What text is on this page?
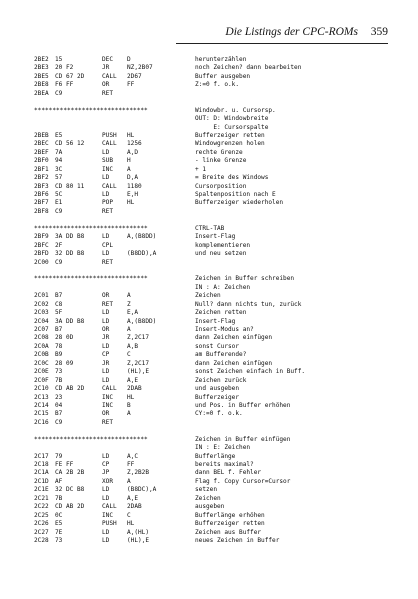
Die Listings der CPC-ROMs 359
2BE2 15	DEC D	herunterzählen
2BE3 20 F2	JR	NZ,2B07	noch Zeichen? dann bearbeiten
2BE5 CD 67 2D	CALL 2D67	Buffer ausgeben
2BE8 F6 FF	OR	FF	Z:=0 f. o.k.
2BEA C9	RET
*******************************	Windowbr. u. Cursorsp.
OUT: D: Windowbreite
E: Cursorspalte
2BEB E5	PUSH HL	Bufferzeiger retten
2BEC CD 56 12	CALL 1256	Windowgrenzen holen
2BEF 7A	LD	A,D	rechte Grenze
2BF0 94	SUB H	- linke Grenze
2BF1 3C	INC A	+ 1
2BF2 57	LD	D,A	= Breite des Windows
2BF3 CD 80 11	CALL 1180	Cursorposition
2BF6 5C	LD	E,H	Spaltenposition nach E
2BF7 E1	POP HL	Bufferzeiger wiederholen
2BF8 C9	RET
*******************************	CTRL-TAB
2BF9 3A DD B8	LD	A,(B8DD)	Insert-Flag
2BFC 2F	CPL	komplementieren
2BFD 32 DD B8	LD	(B8DD),A	und neu setzen
2C00 C9	RET
*******************************	Zeichen in Buffer schreiben
IN : A: Zeichen
2C01 B7	OR	A	Zeichen
2C02 C8	RET Z	Null? dann nichts tun, zurück
2C03 5F	LD	E,A	Zeichen retten
2C04 3A DD B8	LD	A,(B8DD)	Insert-Flag
2C07 B7	OR	A	Insert-Modus an?
2C08 28 0D	JR	Z,2C17	dann Zeichen einfügen
2C0A 78	LD	A,B	sonst Cursor
2C0B B9	CP	C	am Bufferende?
2C0C 28 09	JR	Z,2C17	dann Zeichen einfügen
2C0E 73	LD	(HL),E	sonst Zeichen einfach in Buff.
2C0F 7B	LD	A,E	Zeichen zurück
2C10 CD AB 2D	CALL 2DAB	und ausgeben
2C13 23	INC HL	Bufferzeiger
2C14 04	INC B	und Pos. in Buffer erhöhen
2C15 B7	OR	A	CY:=0 f. o.k.
2C16 C9	RET
*******************************	Zeichen in Buffer einfügen
IN : E: Zeichen
2C17 79	LD	A,C	Bufferlänge
2C18 FE FF	CP	FF	bereits maximal?
2C1A CA 2B 2B	JP	Z,2B2B	dann BEL f. Fehler
2C1D AF	XOR A	Flag f. Copy Cursor=Cursor
2C1E 32 DC B8	LD	(B8DC),A	setzen
2C21 7B	LD	A,E	Zeichen
2C22 CD AB 2D	CALL 2DAB	ausgeben
2C25 0C	INC C	Bufferlänge erhöhen
2C26 E5	PUSH HL	Bufferzeiger retten
2C27 7E	LD	A,(HL)	Zeichen aus Buffer
2C28 73	LD	(HL),E	neues Zeichen in Buffer
